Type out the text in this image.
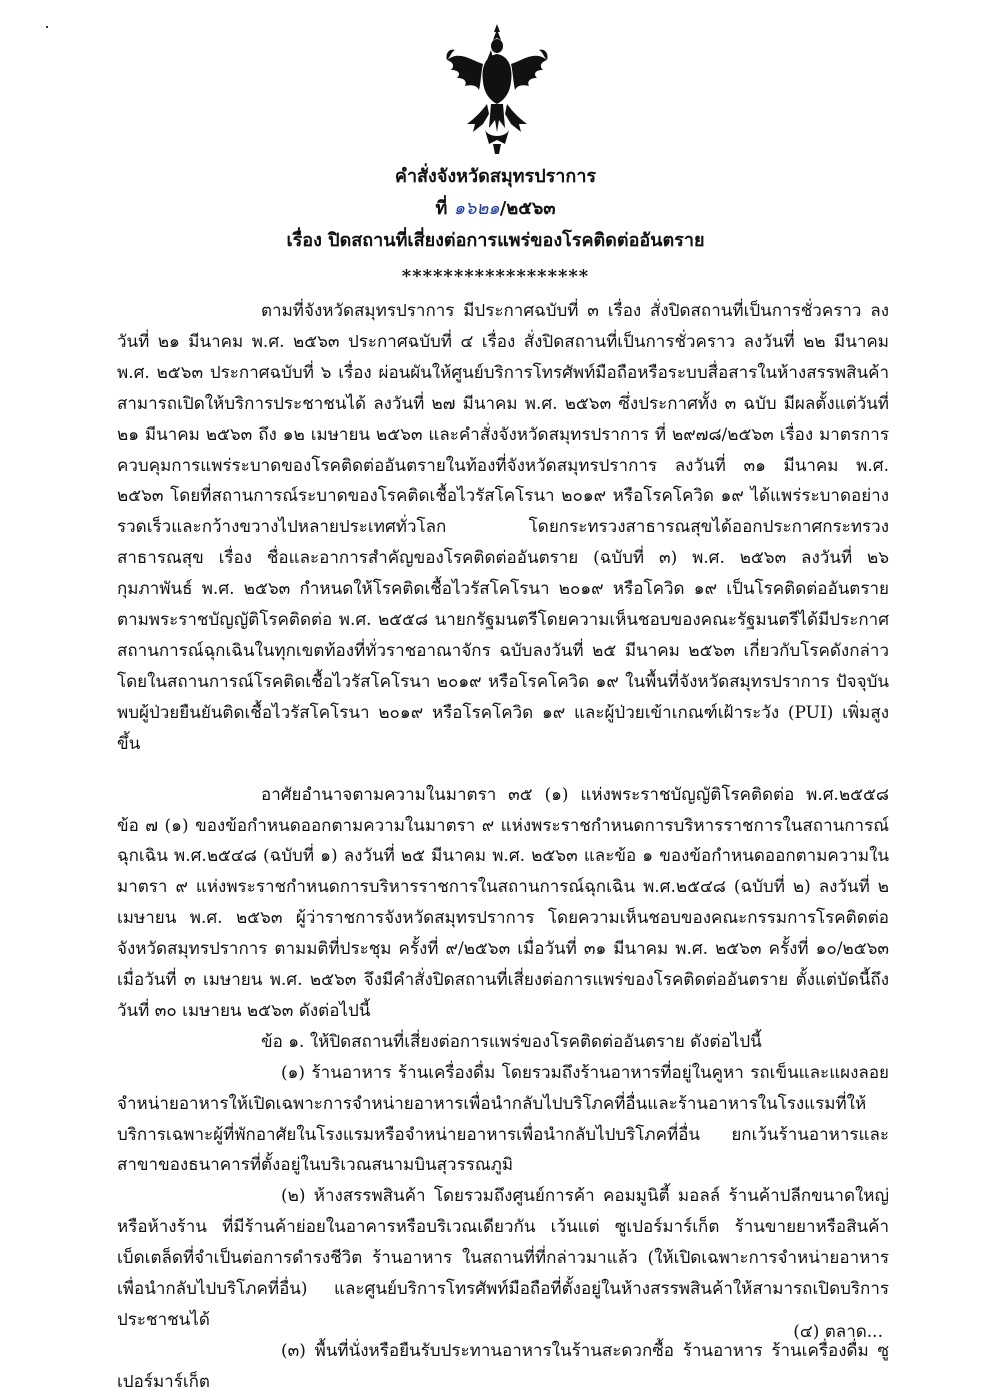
คำสั่งจังหวัดสมุทรปราการ
ที่ ๑๖๒๑/๒๕๖๓
เรื่อง ปิดสถานที่เสี่ยงต่อการแพร่ของโรคติดต่ออันตราย
******************

ตามที่จังหวัดสมุทรปราการ มีประกาศฉบับที่ ๓ เรื่อง สั่งปิดสถานที่เป็นการชั่วคราว ลงวันที่ ๒๑ มีนาคม พ.ศ. ๒๕๖๓ ประกาศฉบับที่ ๔ เรื่อง สั่งปิดสถานที่เป็นการชั่วคราว ลงวันที่ ๒๒ มีนาคม พ.ศ. ๒๕๖๓ ประกาศฉบับที่ ๖ เรื่อง ผ่อนผันให้ศูนย์บริการโทรศัพท์มือถือหรือระบบสื่อสารในห้างสรรพสินค้าสามารถเปิดให้บริการประชาชนได้ ลงวันที่ ๒๗ มีนาคม พ.ศ. ๒๕๖๓ ซึ่งประกาศทั้ง ๓ ฉบับ มีผลตั้งแต่วันที่ ๒๑ มีนาคม ๒๕๖๓ ถึง ๑๒ เมษายน ๒๕๖๓ และคำสั่งจังหวัดสมุทรปราการ ที่ ๒๙๗๘/๒๕๖๓ เรื่อง มาตรการควบคุมการแพร่ระบาดของโรคติดต่ออันตรายในท้องที่จังหวัดสมุทรปราการ ลงวันที่ ๓๑ มีนาคม พ.ศ. ๒๕๖๓ โดยที่สถานการณ์ระบาดของโรคติดเชื้อไวรัสโคโรนา ๒๐๑๙ หรือโรคโควิด ๑๙ ได้แพร่ระบาดอย่างรวดเร็วและกว้างขวางไปหลายประเทศทั่วโลก โดยกระทรวงสาธารณสุขได้ออกประกาศกระทรวงสาธารณสุข เรื่อง ชื่อและอาการสำคัญของโรคติดต่ออันตราย (ฉบับที่ ๓) พ.ศ. ๒๕๖๓ ลงวันที่ ๒๖ กุมภาพันธ์ พ.ศ. ๒๕๖๓ กำหนดให้โรคติดเชื้อไวรัสโคโรนา ๒๐๑๙ หรือโควิด ๑๙ เป็นโรคติดต่ออันตรายตามพระราชบัญญัติโรคติดต่อ พ.ศ. ๒๕๕๘ นายกรัฐมนตรีโดยความเห็นชอบของคณะรัฐมนตรีได้มีประกาศสถานการณ์ฉุกเฉินในทุกเขตท้องที่ทั่วราชอาณาจักร ฉบับลงวันที่ ๒๕ มีนาคม ๒๕๖๓ เกี่ยวกับโรคดังกล่าว โดยในสถานการณ์โรคติดเชื้อไวรัสโคโรนา ๒๐๑๙ หรือโรคโควิด ๑๙ ในพื้นที่จังหวัดสมุทรปราการ ปัจจุบันพบผู้ป่วยยืนยันติดเชื้อไวรัสโคโรนา ๒๐๑๙ หรือโรคโควิด ๑๙ และผู้ป่วยเข้าเกณฑ์เฝ้าระวัง (PUI) เพิ่มสูงขึ้น

อาศัยอำนาจตามความในมาตรา ๓๕ (๑) แห่งพระราชบัญญัติโรคติดต่อ พ.ศ.๒๕๕๘ ข้อ ๗ (๑) ของข้อกำหนดออกตามความในมาตรา ๙ แห่งพระราชกำหนดการบริหารราชการในสถานการณ์ฉุกเฉิน พ.ศ.๒๕๔๘ (ฉบับที่ ๑) ลงวันที่ ๒๕ มีนาคม พ.ศ. ๒๕๖๓ และข้อ ๑ ของข้อกำหนดออกตามความในมาตรา ๙ แห่งพระราชกำหนดการบริหารราชการในสถานการณ์ฉุกเฉิน พ.ศ.๒๕๔๘ (ฉบับที่ ๒) ลงวันที่ ๒ เมษายน พ.ศ. ๒๕๖๓ ผู้ว่าราชการจังหวัดสมุทรปราการ โดยความเห็นชอบของคณะกรรมการโรคติดต่อจังหวัดสมุทรปราการ ตามมติที่ประชุม ครั้งที่ ๙/๒๕๖๓ เมื่อวันที่ ๓๑ มีนาคม พ.ศ. ๒๕๖๓ ครั้งที่ ๑๐/๒๕๖๓ เมื่อวันที่ ๓ เมษายน พ.ศ. ๒๕๖๓ จึงมีคำสั่งปิดสถานที่เสี่ยงต่อการแพร่ของโรคติดต่ออันตราย ตั้งแต่บัดนี้ถึงวันที่ ๓๐ เมษายน ๒๕๖๓ ดังต่อไปนี้

ข้อ ๑. ให้ปิดสถานที่เสี่ยงต่อการแพร่ของโรคติดต่ออันตราย ดังต่อไปนี้

(๑) ร้านอาหาร ร้านเครื่องดื่ม โดยรวมถึงร้านอาหารที่อยู่ในคูหา รถเข็นและแผงลอยจำหน่ายอาหารให้เปิดเฉพาะการจำหน่ายอาหารเพื่อนำกลับไปบริโภคที่อื่นและร้านอาหารในโรงแรมที่ให้บริการเฉพาะผู้ที่พักอาศัยในโรงแรมหรือจำหน่ายอาหารเพื่อนำกลับไปบริโภคที่อื่น ยกเว้นร้านอาหารและสาขาของธนาคารที่ตั้งอยู่ในบริเวณสนามบินสุวรรณภูมิ

(๒) ห้างสรรพสินค้า โดยรวมถึงศูนย์การค้า คอมมูนิตี้ มอลล์ ร้านค้าปลีกขนาดใหญ่ หรือห้างร้าน ที่มีร้านค้าย่อยในอาคารหรือบริเวณเดียวกัน เว้นแต่ ซูเปอร์มาร์เก็ต ร้านขายยาหรือสินค้าเบ็ดเตล็ดที่จำเป็นต่อการดำรงชีวิต ร้านอาหาร ในสถานที่ที่กล่าวมาแล้ว (ให้เปิดเฉพาะการจำหน่ายอาหารเพื่อนำกลับไปบริโภคที่อื่น) และศูนย์บริการโทรศัพท์มือถือที่ตั้งอยู่ในห้างสรรพสินค้าให้สามารถเปิดบริการประชาชนได้

(๓) พื้นที่นั่งหรือยืนรับประทานอาหารในร้านสะดวกซื้อ ร้านอาหาร ร้านเครื่องดื่ม ซูเปอร์มาร์เก็ต

(๔) ตลาด...
